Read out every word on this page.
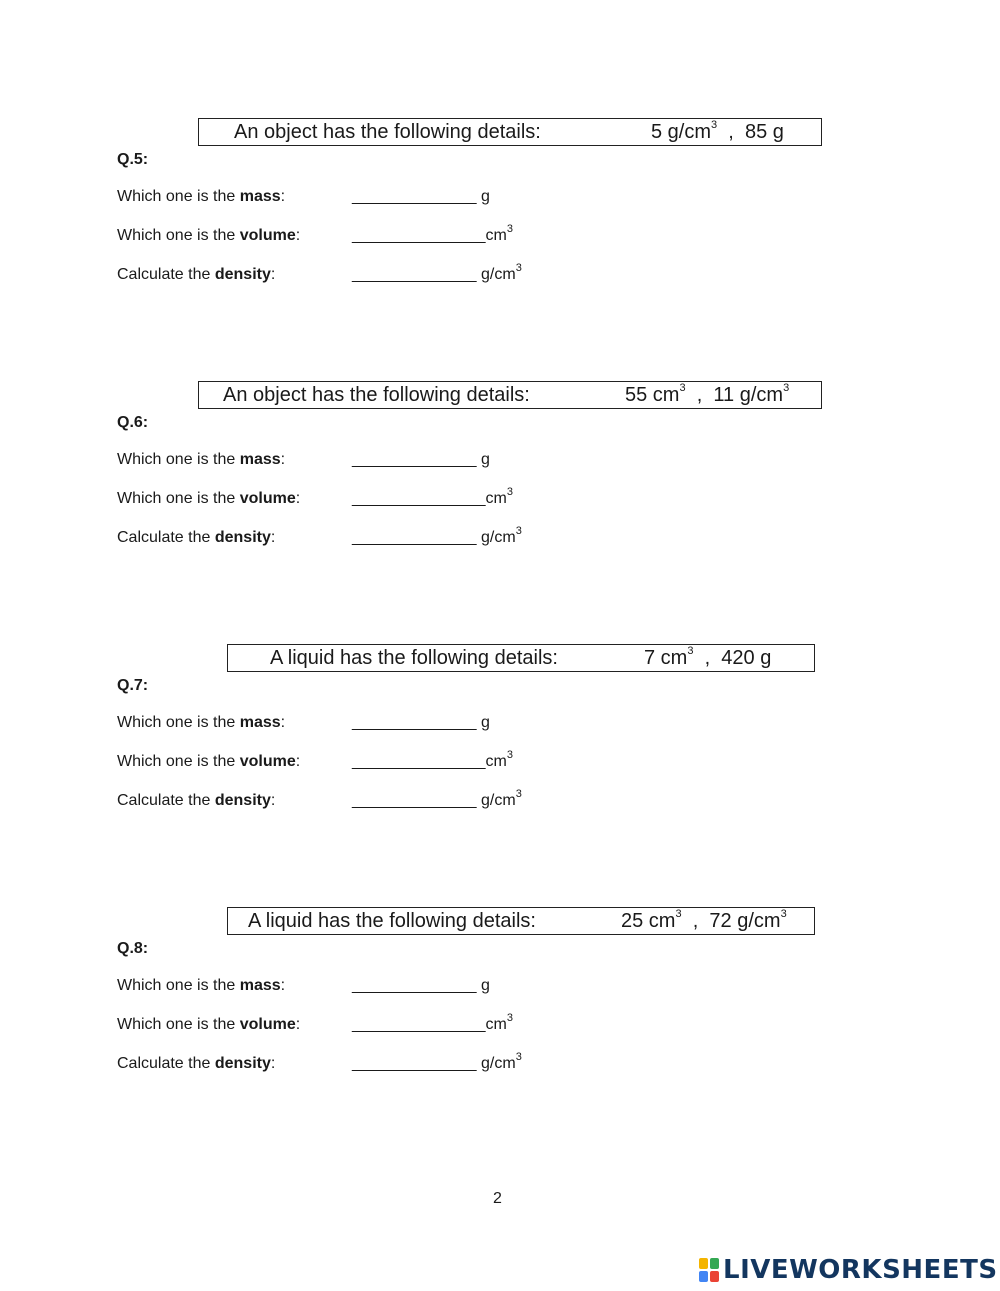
An object has the following details:	5 $g/cm^3$ , 85 g
Q.5:
Which one is the mass:	______________ g
Which one is the volume:	$\_\_\_\_\_\_\_\_\_\_\_\_\_\_\_cm^3$
Calculate the density:	______________ $g/cm^3$
An object has the following details:	55 $cm^3$ , 11 $g/cm^3$
Q.6:
Which one is the mass:	______________ g
Which one is the volume:	$\_\_\_\_\_\_\_\_\_\_\_\_\_\_\_cm^3$
Calculate the density:	______________ $g/cm^3$
A liquid has the following details:	7 $cm^3$ , 420 g
Q.7:
Which one is the mass:	______________ g
Which one is the volume:	$\_\_\_\_\_\_\_\_\_\_\_\_\_\_\_cm^3$
Calculate the density:	______________ $g/cm^3$
A liquid has the following details:	25 $cm^3$ , 72 $g/cm^3$
Q.8:
Which one is the mass:	______________ g
Which one is the volume:	$\_\_\_\_\_\_\_\_\_\_\_\_\_\_\_cm^3$
Calculate the density:	______________ $g/cm^3$
2
LIVEWORKSHEETS
